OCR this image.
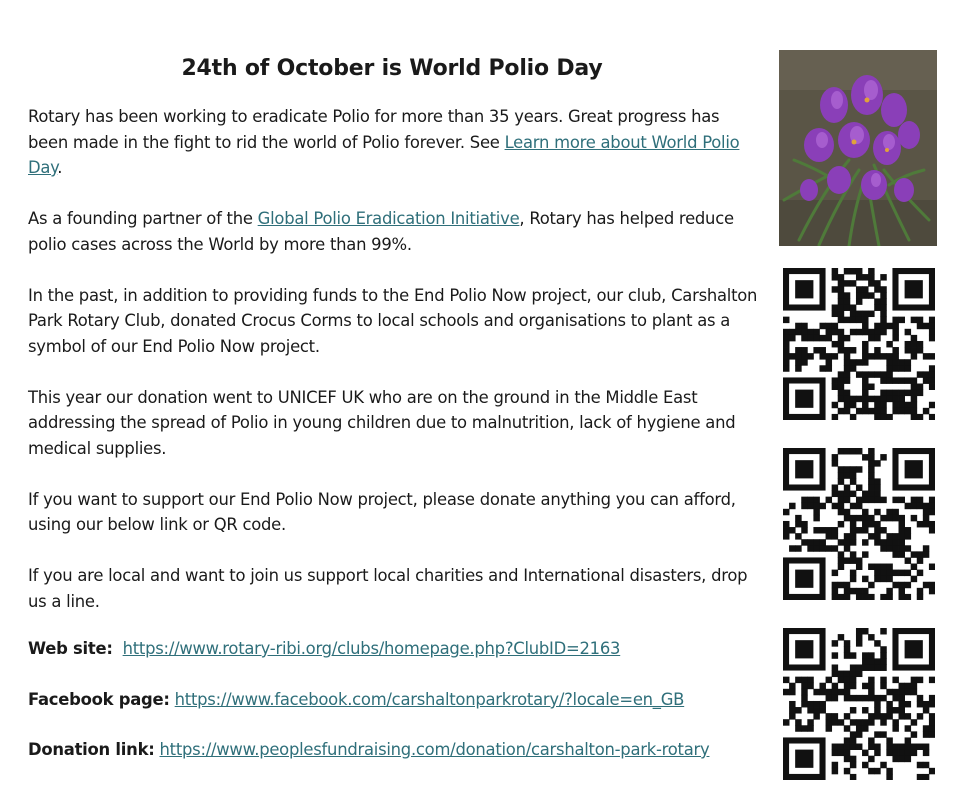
24th of October is World Polio Day

Rotary has been working to eradicate Polio for more than 35 years. Great progress has been made in the fight to rid the world of Polio forever. See Learn more about World Polio Day.

As a founding partner of the Global Polio Eradication Initiative, Rotary has helped reduce polio cases across the World by more than 99%.

In the past, in addition to providing funds to the End Polio Now project, our club, Carshalton Park Rotary Club, donated Crocus Corms to local schools and organisations to plant as a symbol of our End Polio Now project.

This year our donation went to UNICEF UK who are on the ground in the Middle East addressing the spread of Polio in young children due to malnutrition, lack of hygiene and medical supplies.

If you want to support our End Polio Now project, please donate anything you can afford, using our below link or QR code.

If you are local and want to join us support local charities and International disasters, drop us a line.

Web site: https://www.rotary-ribi.org/clubs/homepage.php?ClubID=2163
Facebook page: https://www.facebook.com/carshaltonparkrotary/?locale=en_GB
Donation link: https://www.peoplesfundraising.com/donation/carshalton-park-rotary
